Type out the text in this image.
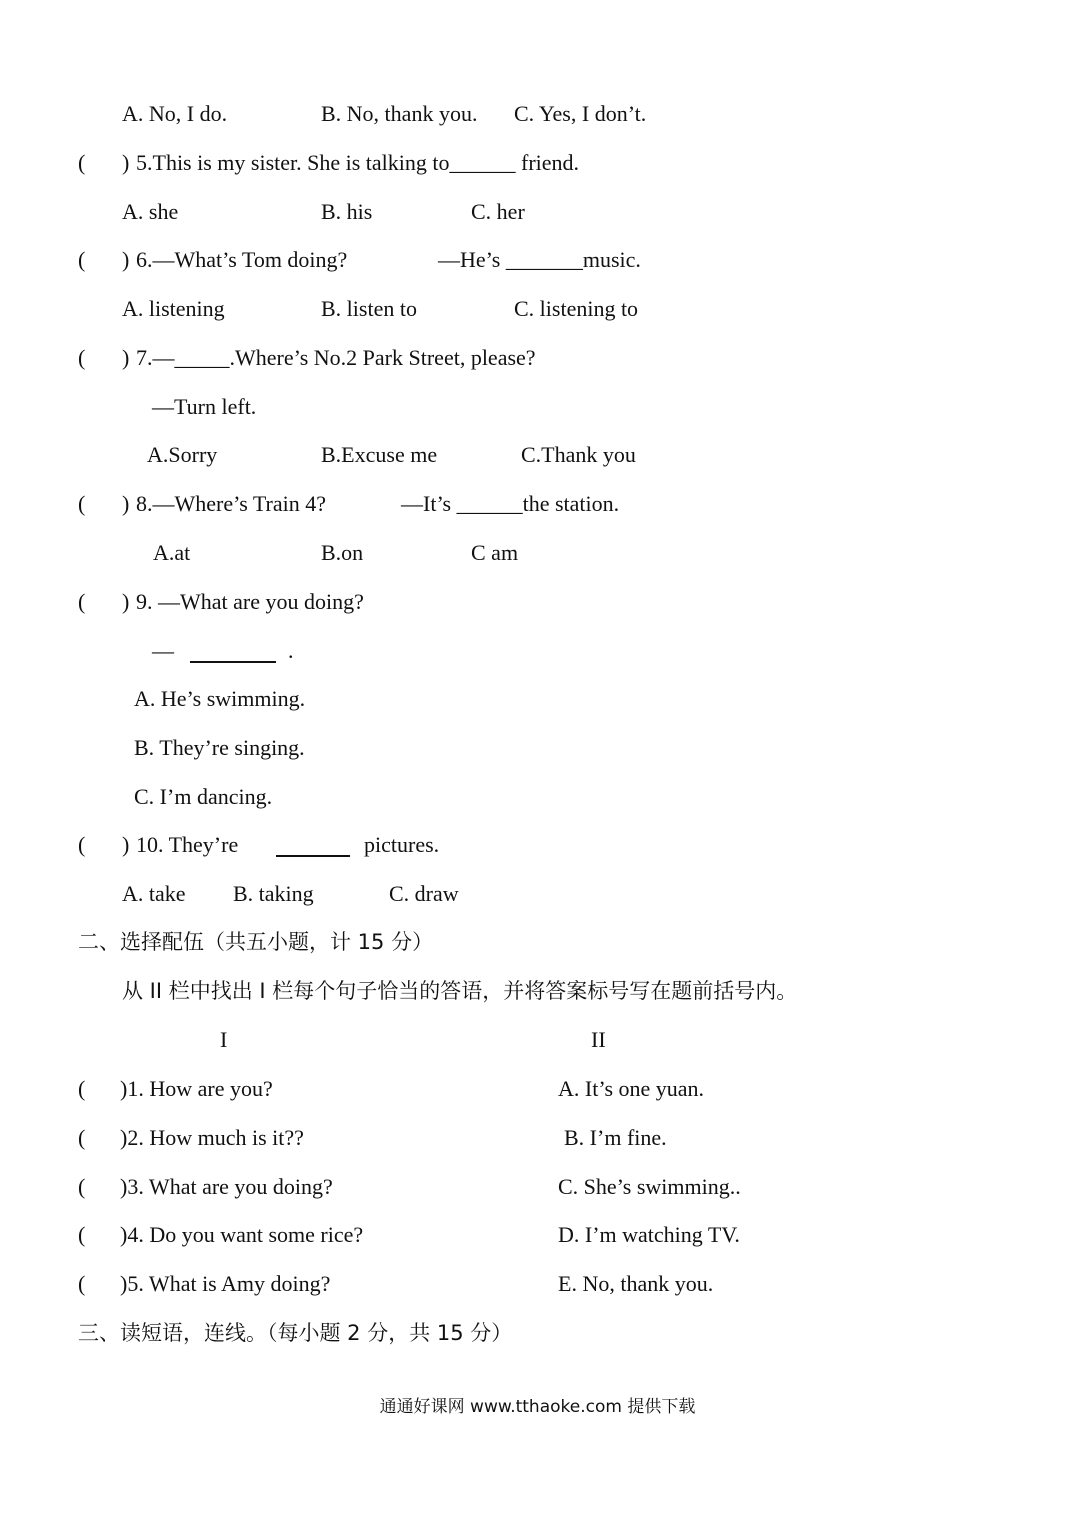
A. No, I do.	B. No, thank you. C. Yes, I don’t.
( ) 5.This is my sister. She is talking to______ friend.
A. she	B. his	C. her
( ) 6.—What’s Tom doing?	—He’s _______music.
A. listening	B. listen to	C. listening to
( ) 7.—_____.Where’s No.2 Park Street, please?
—Turn left.
A.Sorry	B.Excuse me	C.Thank you
( ) 8.—Where’s Train 4?	—It’s ______the station.
A.at	B.on	C am
( ) 9. —What are you doing?
—	.
A. He’s swimming.
B. They’re singing.
C. I’m dancing.
( ) 10. They’re	pictures.
A. take B. taking	C. draw
二、选择配伍（共五小题，计 15 分）
从 II 栏中找出 I 栏每个句子恰当的答语，并将答案标号写在题前括号内。
I	II
( )1. How are you?	A. It’s one yuan.
( )2. How much is it??	B. I’m fine.
( )3. What are you doing?	C. She’s swimming..
( )4. Do you want some rice?	D. I’m watching TV.
( )5. What is Amy doing?	E. No, thank you.
三、读短语，连线。（每小题 2 分，共 15 分）
通通好课网 www.tthaoke.com 提供下载
